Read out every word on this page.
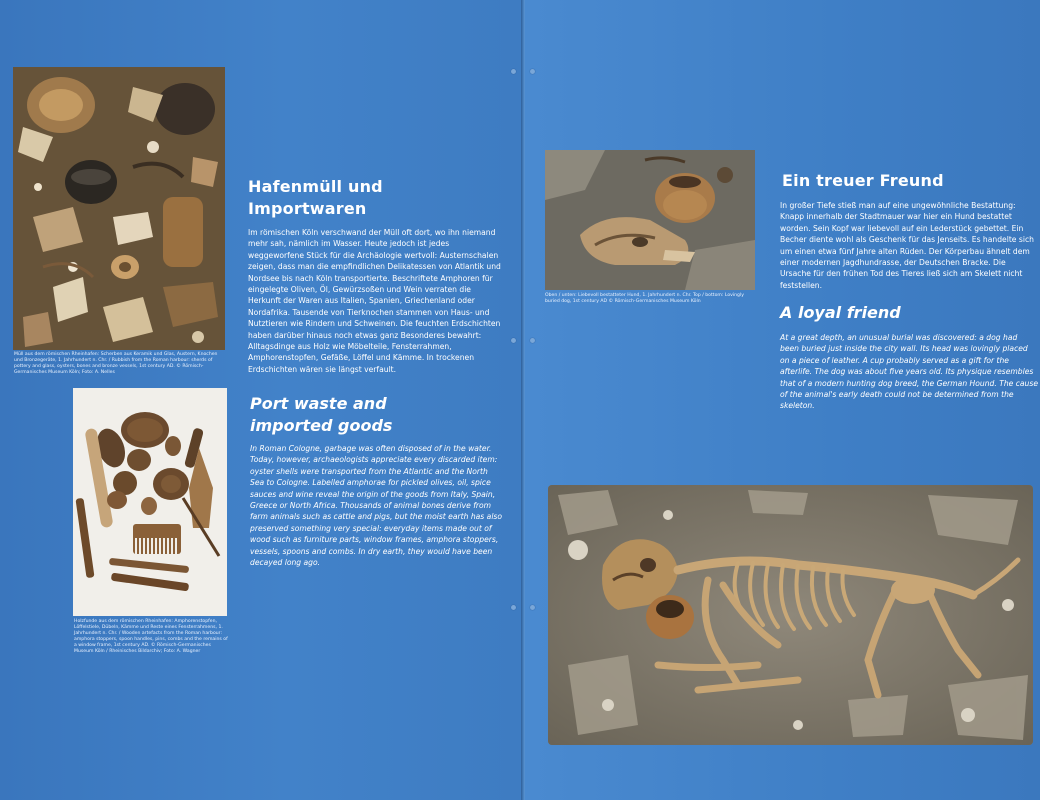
Müll aus dem römischen Rheinhafen: Scherben aus Keramik und Glas, Austern, Knochen und Bronzegeräte, 1. Jahrhundert n. Chr. / Rubbish from the Roman harbour: sherds of pottery and glass, oysters, bones and bronze vessels, 1st century AD. © Römisch-Germanisches Museum Köln; Foto: A. Nelles
Holzfunde aus dem römischen Rheinhafen: Amphorenstopfen, Löffelstiele, Dübeln, Kämme und Reste eines Fensterrahmens, 1. Jahrhundert n. Chr. / Wooden artefacts from the Roman harbour: amphora stoppers, spoon handles, pins, combs and the remains of a window frame, 1st century AD. © Römisch-Germanisches Museum Köln / Rheinisches Bildarchiv; Foto: A. Wagner
Hafenmüll und Importwaren
Im römischen Köln verschwand der Müll oft dort, wo ihn niemand mehr sah, nämlich im Wasser. Heute jedoch ist jedes weggeworfene Stück für die Archäologie wertvoll: Austernschalen zeigen, dass man die empfindlichen Delikatessen von Atlantik und Nordsee bis nach Köln transportierte. Beschriftete Amphoren für eingelegte Oliven, Öl, Gewürzsoßen und Wein verraten die Herkunft der Waren aus Italien, Spanien, Griechenland oder Nordafrika. Tausende von Tierknochen stammen von Haus- und Nutztieren wie Rindern und Schweinen. Die feuchten Erdschichten haben darüber hinaus noch etwas ganz Besonderes bewahrt: Alltagsdinge aus Holz wie Möbelteile, Fensterrahmen, Amphorenstopfen, Gefäße, Löffel und Kämme. In trockenen Erdschichten wären sie längst verfault.
Port waste and imported goods
In Roman Cologne, garbage was often disposed of in the water. Today, however, archaeologists appreciate every discarded item: oyster shells were transported from the Atlantic and the North Sea to Cologne. Labelled amphorae for pickled olives, oil, spice sauces and wine reveal the origin of the goods from Italy, Spain, Greece or North Africa. Thousands of animal bones derive from farm animals such as cattle and pigs, but the moist earth has also preserved something very special: everyday items made out of wood such as furniture parts, window frames, amphora stoppers, vessels, spoons and combs. In dry earth, they would have been decayed long ago.
Oben / unten: Liebevoll bestatteter Hund, 1. Jahrhundert n. Chr. Top / bottom: Lovingly buried dog, 1st century AD © Römisch-Germanisches Museum Köln
Ein treuer Freund
In großer Tiefe stieß man auf eine ungewöhnliche Bestattung: Knapp innerhalb der Stadtmauer war hier ein Hund bestattet worden. Sein Kopf war liebevoll auf ein Lederstück gebettet. Ein Becher diente wohl als Geschenk für das Jenseits. Es handelte sich um einen etwa fünf Jahre alten Rüden. Der Körperbau ähnelt dem einer modernen Jagdhundrasse, der Deutschen Bracke. Die Ursache für den frühen Tod des Tieres ließ sich am Skelett nicht feststellen.
A loyal friend
At a great depth, an unusual burial was discovered: a dog had been buried just inside the city wall. Its head was lovingly placed on a piece of leather. A cup probably served as a gift for the afterlife. The dog was about five years old. Its physique resembles that of a modern hunting dog breed, the German Hound. The cause of the animal's early death could not be determined from the skeleton.
